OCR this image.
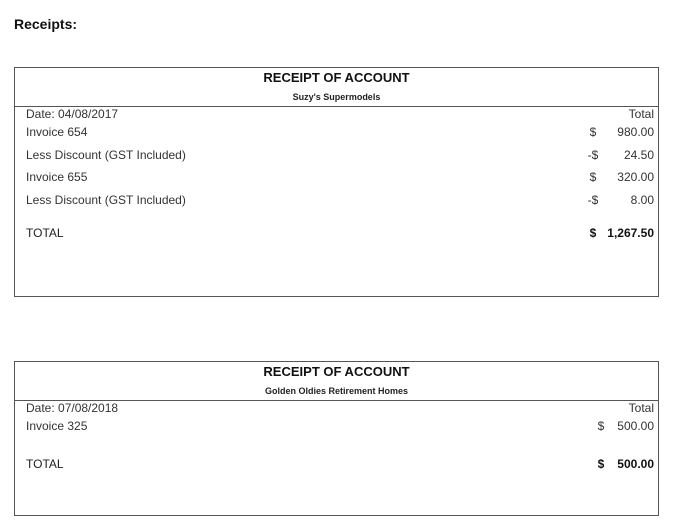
Receipts:
RECEIPT OF ACCOUNT
Suzy's Supermodels
Date: 04/08/2017	Total
Invoice 654	$	980.00
Less Discount (GST Included)	-$	24.50
Invoice 655	$	320.00
Less Discount (GST Included)	-$	8.00
TOTAL	$ 1,267.50
RECEIPT OF ACCOUNT
Golden Oldies Retirement Homes
Date: 07/08/2018	Total
Invoice 325	$	500.00
TOTAL	$	500.00
